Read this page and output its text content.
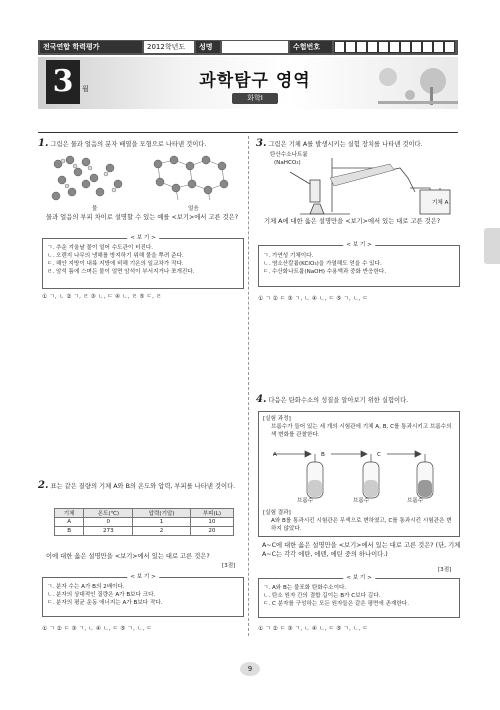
전국연합 학력평가	2012학년도	성명	수험번호
3	월	과학탐구 영역
화학Ⅰ
1. 그림은 물과 얼음의 분자 배열을 모형으로 나타낸 것이다.
물	얼음
물과 얼음의 부피 차이로 설명할 수 있는 예를 <보기>에서 고른 것은?
< 보 기 >
ㄱ. 추운 겨울날 물이 얼어 수도관이 터진다.
ㄴ. 오렌지 나무의 냉해를 방지하기 위해 물을 뿌려 준다.
ㄷ. 해안 지방이 내륙 지방에 비해 기온의 일교차가 작다.
ㄹ. 암석 틈에 스며든 물이 얼면 암석이 부서지거나 쪼개진다.
① ㄱ, ㄴ ② ㄱ, ㄹ ③ ㄴ, ㄷ ④ ㄴ, ㄹ ⑤ ㄷ, ㄹ
2. 표는 같은 질량의 기체 A와 B의 온도와 압력, 부피를 나타낸 것이다.
기체	온도(℃)	압력(기압)	부피(L)
A	0	1	10
B	273	2	20
이에 대한 옳은 설명만을 <보기>에서 있는 대로 고른 것은?
[3점]
< 보 기 >
ㄱ. 분자 수는 A가 B의 2배이다.
ㄴ. 분자의 상대적인 질량은 A가 B보다 크다.
ㄷ. 분자의 평균 운동 에너지는 A가 B보다 작다.
① ㄱ ② ㄷ ③ ㄱ, ㄴ ④ ㄴ, ㄷ ⑤ ㄱ, ㄴ, ㄷ
3. 그림은 기체 A를 발생시키는 실험 장치를 나타낸 것이다.
탄산수소나트륨
(NaHCO₃)
기체 A
기체 A에 대한 옳은 설명만을 <보기>에서 있는 대로 고른 것은?
< 보 기 >
ㄱ. 가연성 기체이다.
ㄴ. 염소산칼륨(KClO₃)을 가열해도 얻을 수 있다.
ㄷ. 수산화나트륨(NaOH) 수용액과 중화 반응한다.
① ㄱ ② ㄷ ③ ㄱ, ㄴ ④ ㄴ, ㄷ ⑤ ㄱ, ㄴ, ㄷ
4. 다음은 탄화수소의 성질을 알아보기 위한 실험이다.
[실험 과정]
브롬수가 들어 있는 세 개의 시험관에 기체 A, B, C를 통과시키고 브롬수의 색 변화를 관찰한다.
A	B	C
브롬수	브롬수	브롬수
[실험 결과]
A와 B를 통과시킨 시험관은 무색으로 변하였고, C를 통과시킨 시험관은 변하지 않았다.
A~C에 대한 옳은 설명만을 <보기>에서 있는 대로 고른 것은? (단, 기체 A~C는 각각 에탄, 에텐, 에틴 중의 하나이다.)
[3점]
< 보 기 >
ㄱ. A와 B는 불포화 탄화수소이다.
ㄴ. 탄소 원자 간의 결합 길이는 B가 C보다 길다.
ㄷ. C 분자를 구성하는 모든 원자들은 같은 평면에 존재한다.
① ㄱ ② ㄷ ③ ㄱ, ㄴ ④ ㄴ, ㄷ ⑤ ㄱ, ㄴ, ㄷ
9
